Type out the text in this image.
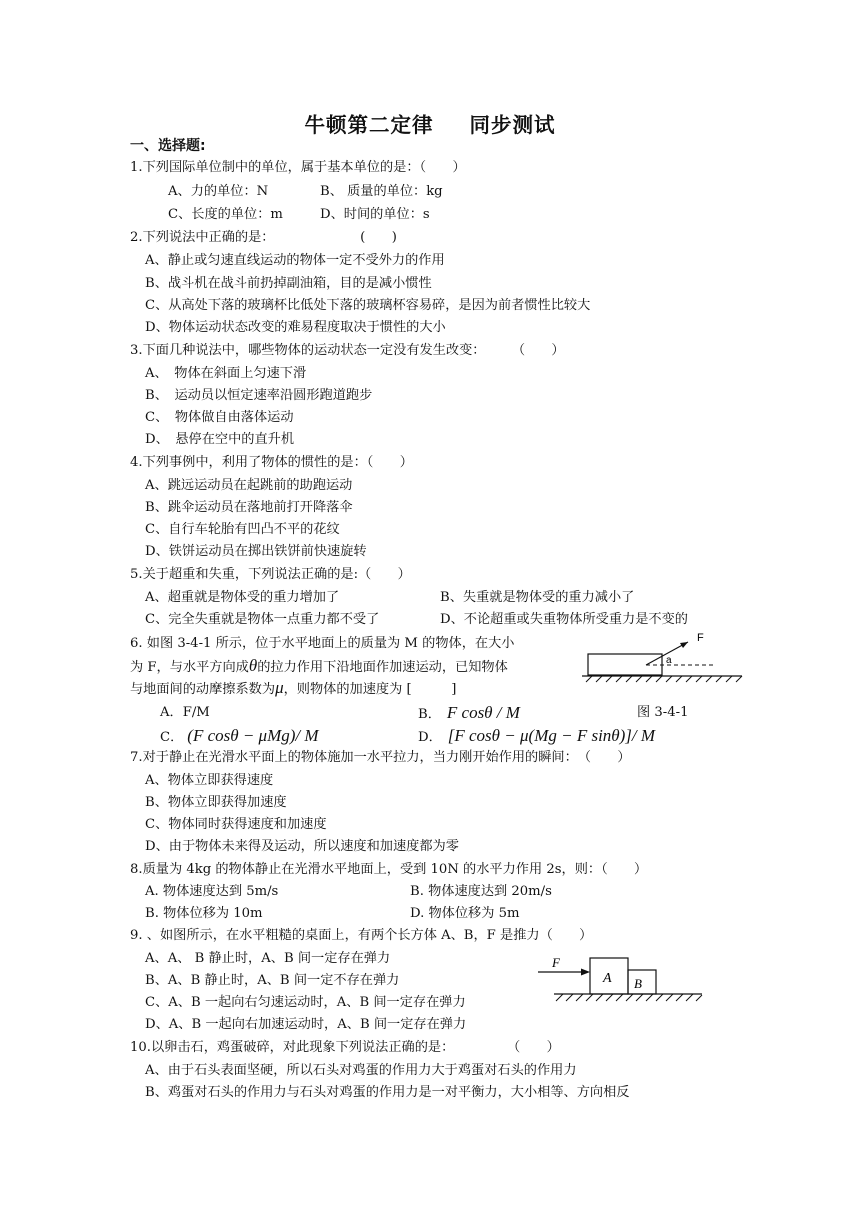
牛顿第二定律 同步测试
一、选择题:
1.下列国际单位制中的单位，属于基本单位的是：（　　）
A、力的单位：N	B、 质量的单位：kg
C、长度的单位：m	D、时间的单位：s
2.下列说法中正确的是：　　　　　　　(　　)
A、静止或匀速直线运动的物体一定不受外力的作用
B、战斗机在战斗前扔掉副油箱，目的是减小惯性
C、从高处下落的玻璃杯比低处下落的玻璃杯容易碎，是因为前者惯性比较大
D、物体运动状态改变的难易程度取决于惯性的大小
3.下面几种说法中，哪些物体的运动状态一定没有发生改变：　　　（　　）
A、　物体在斜面上匀速下滑
B、　运动员以恒定速率沿圆形跑道跑步
C、　物体做自由落体运动
D、　悬停在空中的直升机
4.下列事例中，利用了物体的惯性的是：（　　）
A、跳远运动员在起跳前的助跑运动
B、跳伞运动员在落地前打开降落伞
C、自行车轮胎有凹凸不平的花纹
D、铁饼运动员在掷出铁饼前快速旋转
5.关于超重和失重，下列说法正确的是:（　　）
A、超重就是物体受的重力增加了	B、失重就是物体受的重力减小了
C、完全失重就是物体一点重力都不受了	D、不论超重或失重物体所受重力是不变的
6. 如图 3-4-1 所示，位于水平地面上的质量为 M 的物体，在大小
为 F，与水平方向成θ的拉力作用下沿地面作加速运动，已知物体
与地面间的动摩擦系数为μ，则物体的加速度为 [　　　]
F
a
A．F/M	B． F cosθ / M	图 3-4-1
C． (F cosθ − μMg)/ M	D． [F cosθ − μ(Mg − F sinθ)]/ M
7.对于静止在光滑水平面上的物体施加一水平拉力，当力刚开始作用的瞬间：　（　　）
A、物体立即获得速度
B、物体立即获得加速度
C、物体同时获得速度和加速度
D、由于物体未来得及运动，所以速度和加速度都为零
8.质量为 4kg 的物体静止在光滑水平地面上，受到 10N 的水平力作用 2s，则：（　　）
A. 物体速度达到 5m/s	B. 物体速度达到 20m/s
B. 物体位移为 10m	D. 物体位移为 5m
9. 、如图所示，在水平粗糙的桌面上，有两个长方体 A、B，F 是推力（　　）
A、A、 B 静止时，A、B 间一定存在弹力
B、A、B 静止时，A、B 间一定不存在弹力
C、A、B 一起向右匀速运动时，A、B 间一定存在弹力
D、A、B 一起向右加速运动时，A、B 间一定存在弹力
F
A B
10.以卵击石，鸡蛋破碎，对此现象下列说法正确的是：　　　　　（　　）
A、由于石头表面坚硬，所以石头对鸡蛋的作用力大于鸡蛋对石头的作用力
B、鸡蛋对石头的作用力与石头对鸡蛋的作用力是一对平衡力，大小相等、方向相反
